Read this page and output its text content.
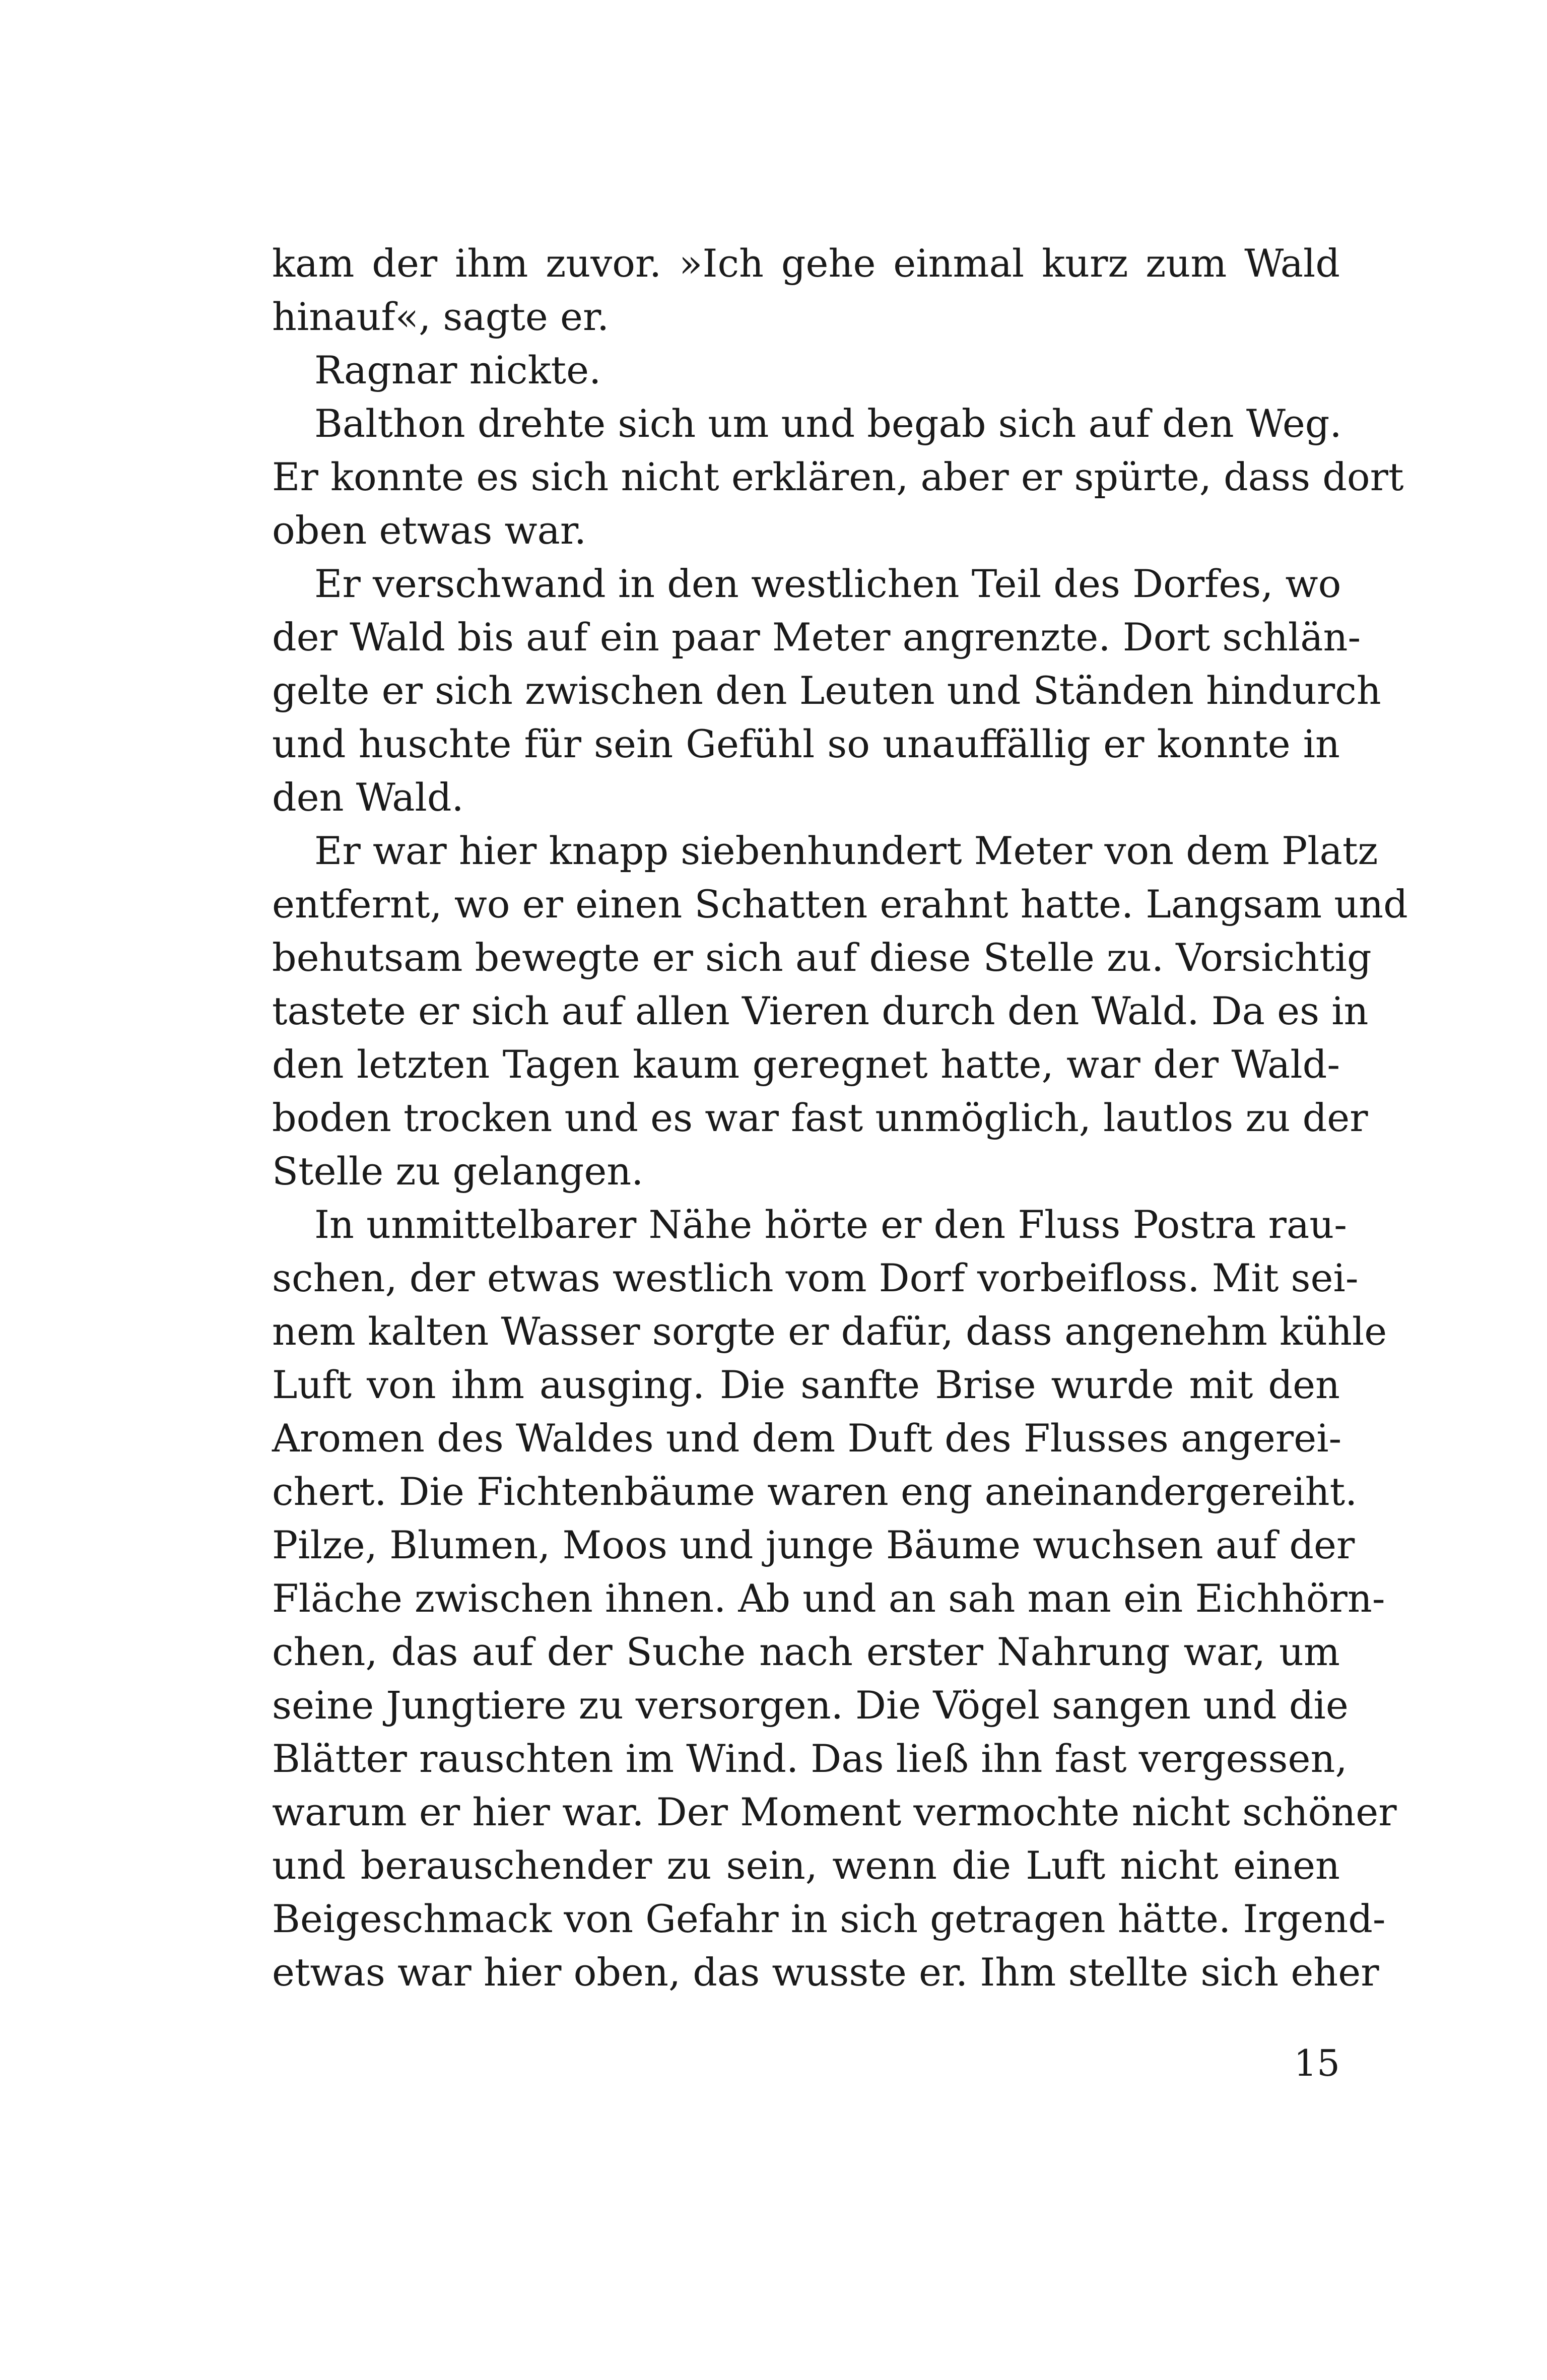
kam der ihm zuvor. »Ich gehe einmal kurz zum Wald
hinauf«, sagte er.
Ragnar nickte.
Balthon drehte sich um und begab sich auf den Weg.
Er konnte es sich nicht erklären, aber er spürte, dass dort
oben etwas war.
Er verschwand in den westlichen Teil des Dorfes, wo
der Wald bis auf ein paar Meter angrenzte. Dort schlän-
gelte er sich zwischen den Leuten und Ständen hindurch
und huschte für sein Gefühl so unauffällig er konnte in
den Wald.
Er war hier knapp siebenhundert Meter von dem Platz
entfernt, wo er einen Schatten erahnt hatte. Langsam und
behutsam bewegte er sich auf diese Stelle zu. Vorsichtig
tastete er sich auf allen Vieren durch den Wald. Da es in
den letzten Tagen kaum geregnet hatte, war der Wald-
boden trocken und es war fast unmöglich, lautlos zu der
Stelle zu gelangen.
In unmittelbarer Nähe hörte er den Fluss Postra rau-
schen, der etwas westlich vom Dorf vorbeifloss. Mit sei-
nem kalten Wasser sorgte er dafür, dass angenehm kühle
Luft von ihm ausging. Die sanfte Brise wurde mit den
Aromen des Waldes und dem Duft des Flusses angerei-
chert. Die Fichtenbäume waren eng aneinandergereiht.
Pilze, Blumen, Moos und junge Bäume wuchsen auf der
Fläche zwischen ihnen. Ab und an sah man ein Eichhörn-
chen, das auf der Suche nach erster Nahrung war, um
seine Jungtiere zu versorgen. Die Vögel sangen und die
Blätter rauschten im Wind. Das ließ ihn fast vergessen,
warum er hier war. Der Moment vermochte nicht schöner
und berauschender zu sein, wenn die Luft nicht einen
Beigeschmack von Gefahr in sich getragen hätte. Irgend-
etwas war hier oben, das wusste er. Ihm stellte sich eher
15
